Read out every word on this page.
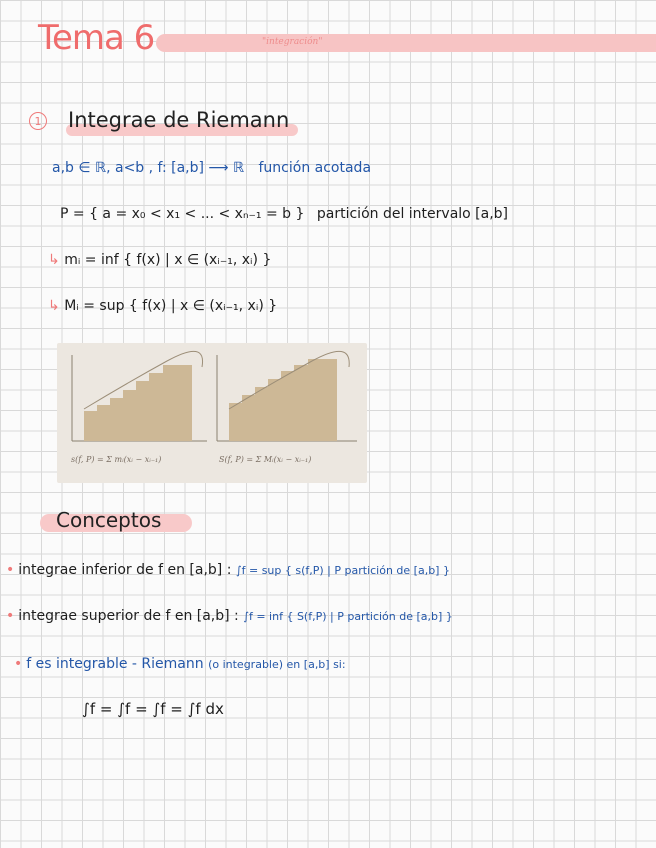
Tema 6	"integración"
1 Integrae de Riemann
a,b ∈ ℝ, a<b , f: [a,b] ⟶ ℝ función acotada
P = { a = x₀ < x₁ < ... < xₙ₋₁ = b } partición del intervalo [a,b]
↳ mᵢ = inf { f(x) | x ∈ (xᵢ₋₁, xᵢ) }
↳ Mᵢ = sup { f(x) | x ∈ (xᵢ₋₁, xᵢ) }
s(f, P) = Σ mᵢ(xᵢ − xᵢ₋₁)	S(f, P) = Σ Mᵢ(xᵢ − xᵢ₋₁)
Conceptos
• integrae inferior de f en [a,b] : ∫f = sup { s(f,P) | P partición de [a,b] }
• integrae superior de f en [a,b] : ∫f = inf { S(f,P) | P partición de [a,b] }
• f es integrable - Riemann (o integrable) en [a,b] si:
∫f = ∫f = ∫f = ∫f dx
